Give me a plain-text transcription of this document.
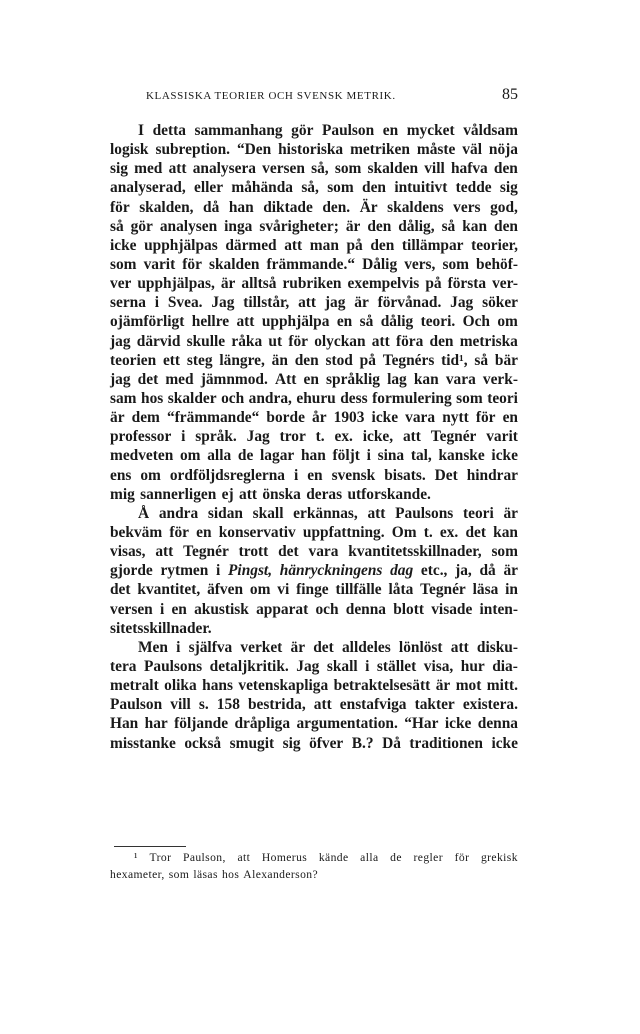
KLASSISKA TEORIER OCH SVENSK METRIK.	85
I detta sammanhang gör Paulson en mycket våldsam
logisk subreption. “Den historiska metriken måste väl nöja
sig med att analysera versen så, som skalden vill hafva den
analyserad, eller måhända så, som den intuitivt tedde sig
för skalden, då han diktade den. Är skaldens vers god,
så gör analysen inga svårigheter; är den dålig, så kan den
icke upphjälpas därmed att man på den tillämpar teorier,
som varit för skalden främmande.“ Dålig vers, som behöf-
ver upphjälpas, är alltså rubriken exempelvis på första ver-
serna i Svea. Jag tillstår, att jag är förvånad. Jag söker
ojämförligt hellre att upphjälpa en så dålig teori. Och om
jag därvid skulle råka ut för olyckan att föra den metriska
teorien ett steg längre, än den stod på Tegnérs tid¹, så bär
jag det med jämnmod. Att en språklig lag kan vara verk-
sam hos skalder och andra, ehuru dess formulering som teori
är dem “främmande“ borde år 1903 icke vara nytt för en
professor i språk. Jag tror t. ex. icke, att Tegnér varit
medveten om alla de lagar han följt i sina tal, kanske icke
ens om ordföljdsreglerna i en svensk bisats. Det hindrar
mig sannerligen ej att önska deras utforskande.
Å andra sidan skall erkännas, att Paulsons teori är
bekväm för en konservativ uppfattning. Om t. ex. det kan
visas, att Tegnér trott det vara kvantitetsskillnader, som
gjorde rytmen i Pingst, hänryckningens dag etc., ja, då är
det kvantitet, äfven om vi finge tillfälle låta Tegnér läsa in
versen i en akustisk apparat och denna blott visade inten-
sitetsskillnader.
Men i själfva verket är det alldeles lönlöst att disku-
tera Paulsons detaljkritik. Jag skall i stället visa, hur dia-
metralt olika hans vetenskapliga betraktelsesätt är mot mitt.
Paulson vill s. 158 bestrida, att enstafviga takter existera.
Han har följande dråpliga argumentation. “Har icke denna
misstanke också smugit sig öfver B.? Då traditionen icke
¹ Tror Paulson, att Homerus kände alla de regler för grekisk
hexameter, som läsas hos Alexanderson?
